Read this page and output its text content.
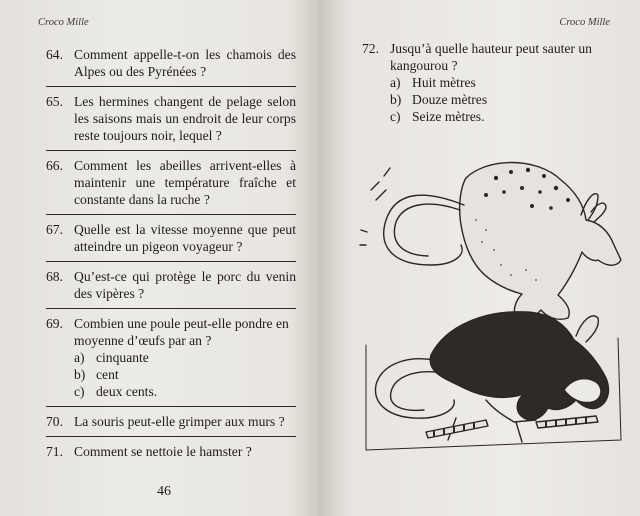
Croco Mille
64. Comment appelle-t-on les chamois des Alpes ou des Pyrénées ?
65. Les hermines changent de pelage selon les saisons mais un endroit de leur corps reste toujours noir, lequel ?
66. Comment les abeilles arrivent-elles à maintenir une température fraîche et constante dans la ruche ?
67. Quelle est la vitesse moyenne que peut atteindre un pigeon voyageur ?
68. Qu’est-ce qui protège le porc du venin des vipères ?
69. Combien une poule peut-elle pondre en moyenne d’œufs par an ?
a) cinquante
b) cent
c) deux cents.
70. La souris peut-elle grimper aux murs ?
71. Comment se nettoie le hamster ?
46
Croco Mille
72. Jusqu’à quelle hauteur peut sauter un kangourou ?
a) Huit mètres
b) Douze mètres
c) Seize mètres.
